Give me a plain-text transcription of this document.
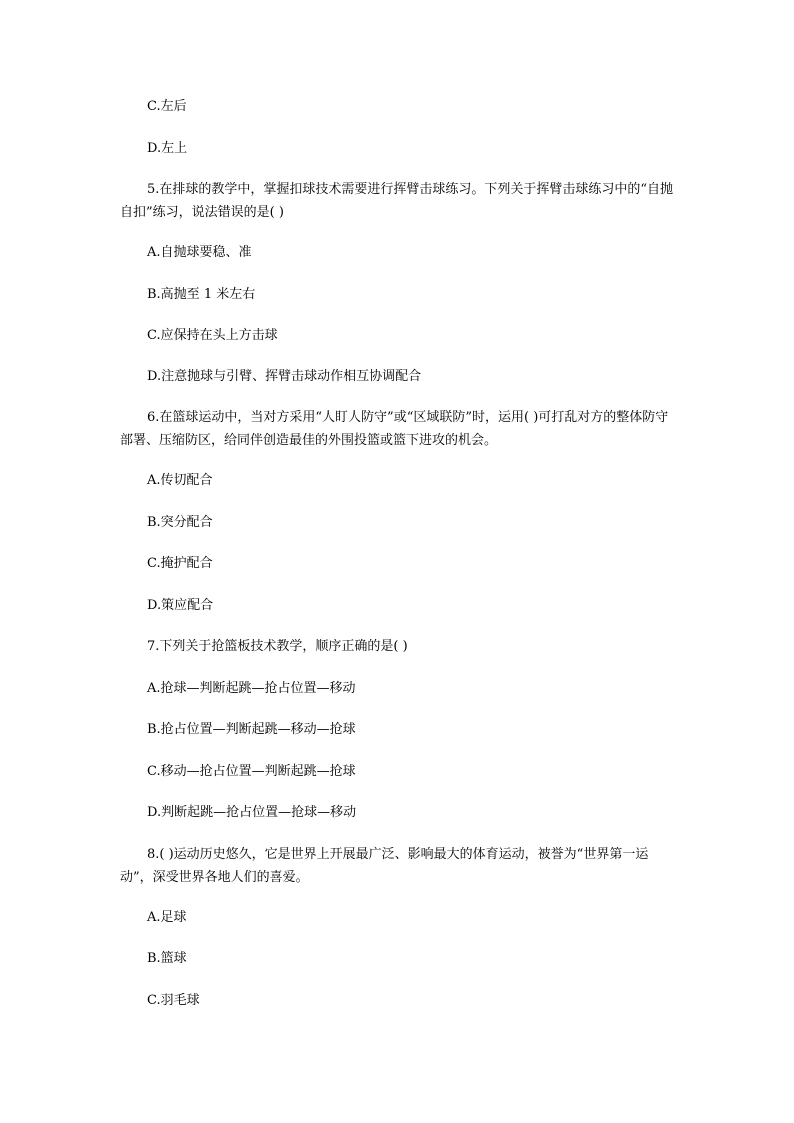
C.左后
D.左上
5.在排球的教学中，掌握扣球技术需要进行挥臂击球练习。下列关于挥臂击球练习中的“自抛自扣”练习，说法错误的是( )
A.自抛球要稳、准
B.高抛至 1 米左右
C.应保持在头上方击球
D.注意抛球与引臂、挥臂击球动作相互协调配合
6.在篮球运动中，当对方采用“人盯人防守”或“区域联防”时，运用( )可打乱对方的整体防守部署、压缩防区，给同伴创造最佳的外围投篮或篮下进攻的机会。
A.传切配合
B.突分配合
C.掩护配合
D.策应配合
7.下列关于抢篮板技术教学，顺序正确的是( )
A.抢球—判断起跳—抢占位置—移动
B.抢占位置—判断起跳—移动—抢球
C.移动—抢占位置—判断起跳—抢球
D.判断起跳—抢占位置—抢球—移动
8.( )运动历史悠久，它是世界上开展最广泛、影响最大的体育运动，被誉为“世界第一运动”，深受世界各地人们的喜爱。
A.足球
B.篮球
C.羽毛球
